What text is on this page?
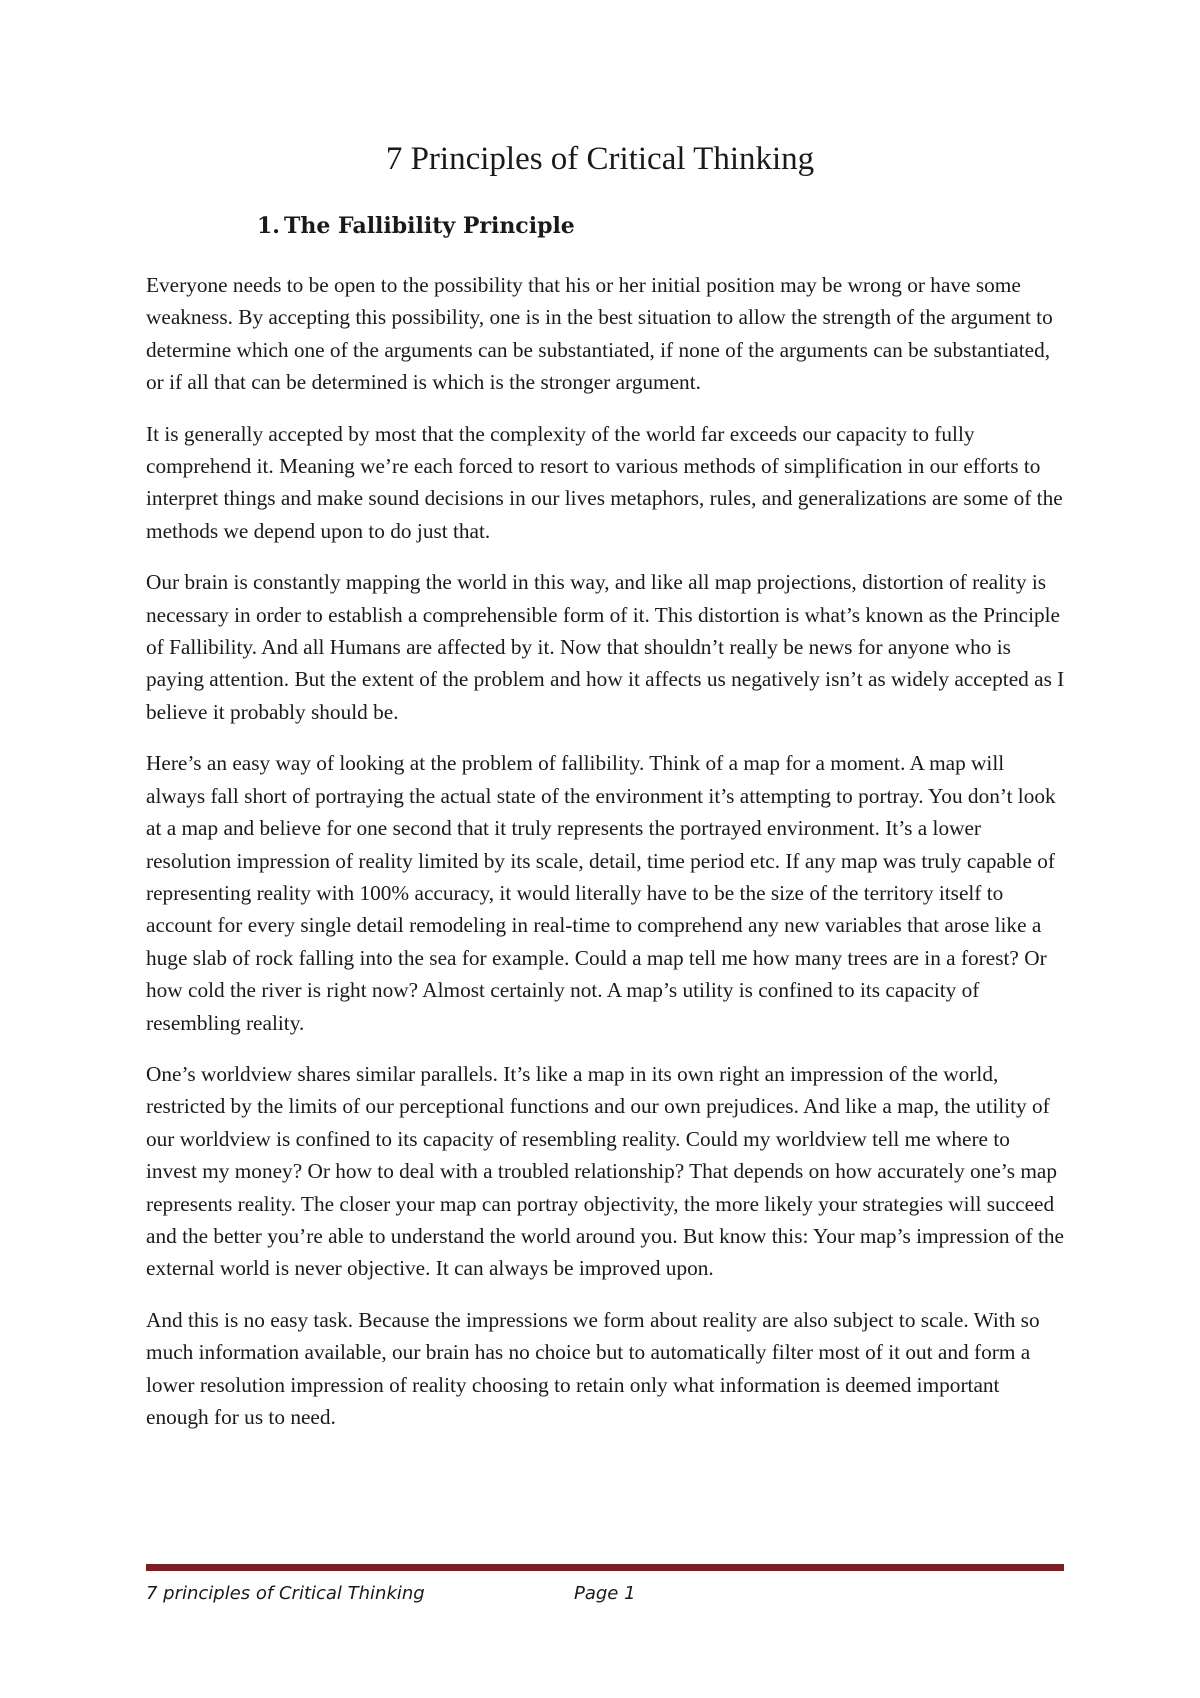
7 Principles of Critical Thinking
1. The Fallibility Principle

Everyone needs to be open to the possibility that his or her initial position may be wrong or have some weakness. By accepting this possibility, one is in the best situation to allow the strength of the argument to determine which one of the arguments can be substantiated, if none of the arguments can be substantiated, or if all that can be determined is which is the stronger argument.

It is generally accepted by most that the complexity of the world far exceeds our capacity to fully comprehend it. Meaning we’re each forced to resort to various methods of simplification in our efforts to interpret things and make sound decisions in our lives metaphors, rules, and generalizations are some of the methods we depend upon to do just that.

Our brain is constantly mapping the world in this way, and like all map projections, distortion of reality is necessary in order to establish a comprehensible form of it. This distortion is what’s known as the Principle of Fallibility. And all Humans are affected by it. Now that shouldn’t really be news for anyone who is paying attention. But the extent of the problem and how it affects us negatively isn’t as widely accepted as I believe it probably should be.

Here’s an easy way of looking at the problem of fallibility. Think of a map for a moment. A map will always fall short of portraying the actual state of the environment it’s attempting to portray. You don’t look at a map and believe for one second that it truly represents the portrayed environment. It’s a lower resolution impression of reality limited by its scale, detail, time period etc. If any map was truly capable of representing reality with 100% accuracy, it would literally have to be the size of the territory itself to account for every single detail remodeling in real-time to comprehend any new variables that arose like a huge slab of rock falling into the sea for example. Could a map tell me how many trees are in a forest? Or how cold the river is right now? Almost certainly not. A map’s utility is confined to its capacity of resembling reality.

One’s worldview shares similar parallels. It’s like a map in its own right an impression of the world, restricted by the limits of our perceptional functions and our own prejudices. And like a map, the utility of our worldview is confined to its capacity of resembling reality. Could my worldview tell me where to invest my money? Or how to deal with a troubled relationship? That depends on how accurately one’s map represents reality. The closer your map can portray objectivity, the more likely your strategies will succeed and the better you’re able to understand the world around you. But know this: Your map’s impression of the external world is never objective. It can always be improved upon.

And this is no easy task. Because the impressions we form about reality are also subject to scale. With so much information available, our brain has no choice but to automatically filter most of it out and form a lower resolution impression of reality choosing to retain only what information is deemed important enough for us to need.

7 principles of Critical Thinking	Page 1
